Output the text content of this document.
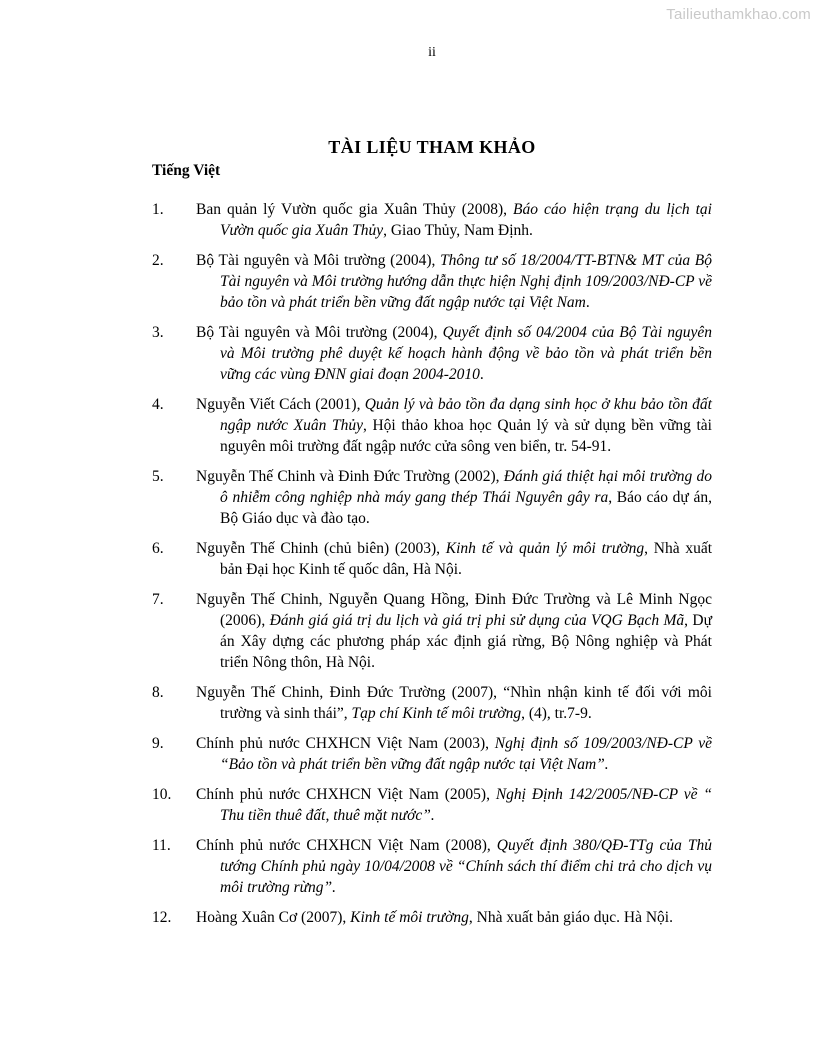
Tailieuthamkhao.com
ii
TÀI LIỆU THAM KHẢO
Tiếng Việt
1. Ban quản lý Vườn quốc gia Xuân Thủy (2008), Báo cáo hiện trạng du lịch tại Vườn quốc gia Xuân Thủy, Giao Thủy, Nam Định.
2. Bộ Tài nguyên và Môi trường (2004), Thông tư số 18/2004/TT-BTN& MT của Bộ Tài nguyên và Môi trường hướng dẫn thực hiện Nghị định 109/2003/NĐ-CP về bảo tồn và phát triển bền vững đất ngập nước tại Việt Nam.
3. Bộ Tài nguyên và Môi trường (2004), Quyết định số 04/2004 của Bộ Tài nguyên và Môi trường phê duyệt kế hoạch hành động về bảo tồn và phát triển bền vững các vùng ĐNN giai đoạn 2004-2010.
4. Nguyễn Viết Cách (2001), Quản lý và bảo tồn đa dạng sinh học ở khu bảo tồn đất ngập nước Xuân Thủy, Hội thảo khoa học Quản lý và sử dụng bền vững tài nguyên môi trường đất ngập nước cửa sông ven biển, tr. 54-91.
5. Nguyễn Thế Chinh và Đinh Đức Trường (2002), Đánh giá thiệt hại môi trường do ô nhiễm công nghiệp nhà máy gang thép Thái Nguyên gây ra, Báo cáo dự án, Bộ Giáo dục và đào tạo.
6. Nguyễn Thế Chinh (chủ biên) (2003), Kinh tế và quản lý môi trường, Nhà xuất bản Đại học Kinh tế quốc dân, Hà Nội.
7. Nguyễn Thế Chinh, Nguyễn Quang Hồng, Đinh Đức Trường và Lê Minh Ngọc (2006), Đánh giá giá trị du lịch và giá trị phi sử dụng của VQG Bạch Mã, Dự án Xây dựng các phương pháp xác định giá rừng, Bộ Nông nghiệp và Phát triển Nông thôn, Hà Nội.
8. Nguyễn Thế Chinh, Đinh Đức Trường (2007), “Nhìn nhận kinh tế đối với môi trường và sinh thái”, Tạp chí Kinh tế môi trường, (4), tr.7-9.
9. Chính phủ nước CHXHCN Việt Nam (2003), Nghị định số 109/2003/NĐ-CP về “Bảo tồn và phát triển bền vững đất ngập nước tại Việt Nam”.
10. Chính phủ nước CHXHCN Việt Nam (2005), Nghị Định 142/2005/NĐ-CP về “ Thu tiền thuê đất, thuê mặt nước”.
11. Chính phủ nước CHXHCN Việt Nam (2008), Quyết định 380/QĐ-TTg của Thủ tướng Chính phủ ngày 10/04/2008 về “Chính sách thí điểm chi trả cho dịch vụ môi trường rừng”.
12. Hoàng Xuân Cơ (2007), Kinh tế môi trường, Nhà xuất bản giáo dục. Hà Nội.
